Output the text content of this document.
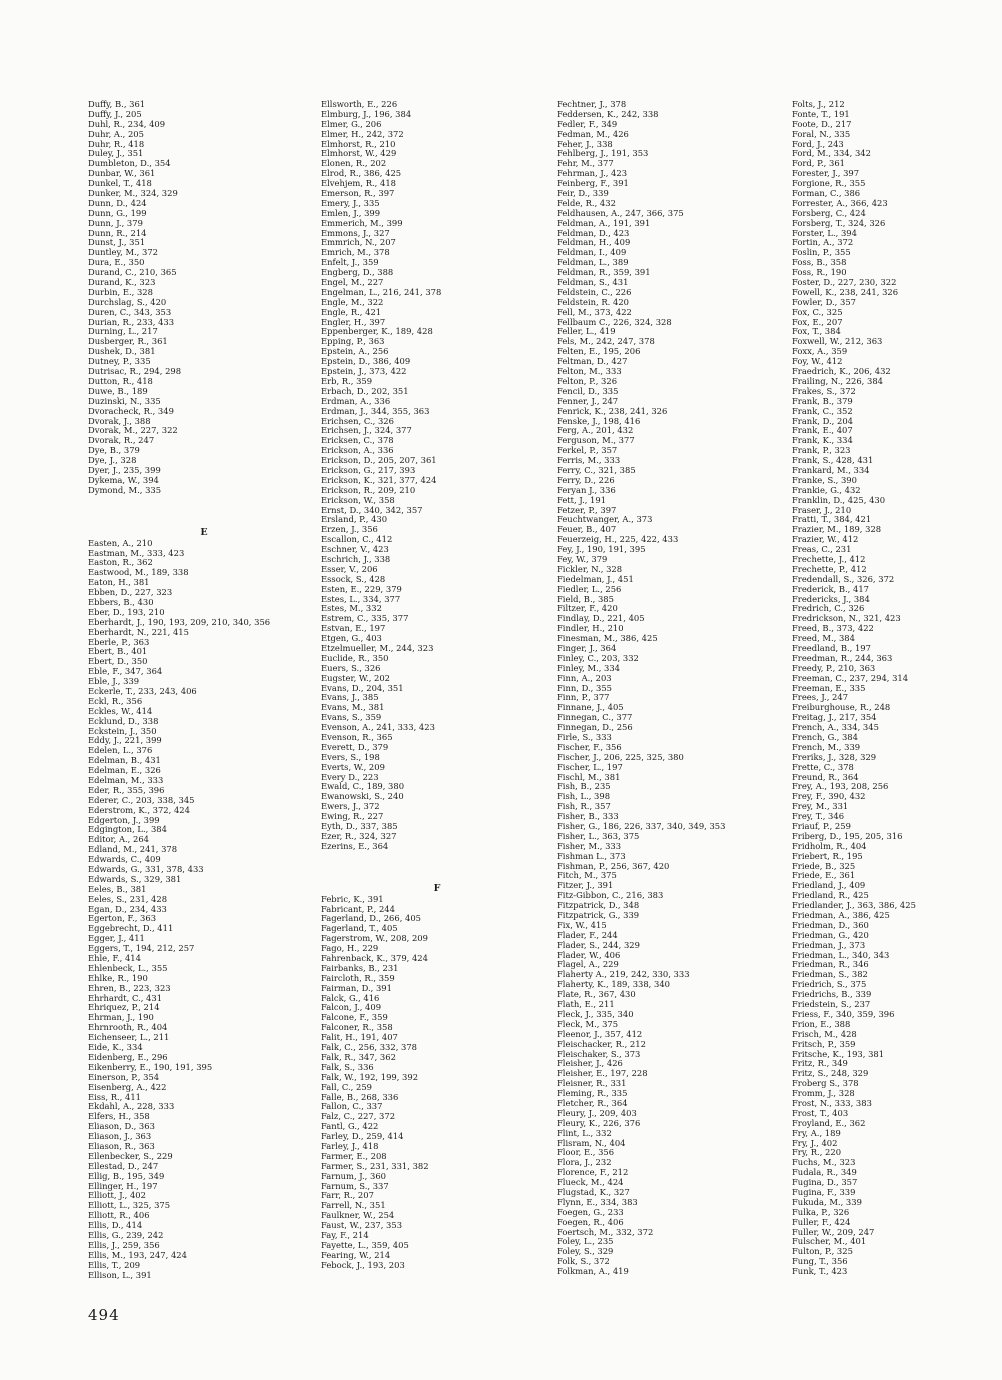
Duffy, B., 361
Duffy, J., 205
Duhl, R., 234, 409
Duhr, A., 205
Duhr, R., 418
Duley, J., 351
Dumbleton, D., 354
Dunbar, W., 361
Dunkel, T., 418
Dunker, M., 324, 329
Dunn, D., 424
Dunn, G., 199
Dunn, J., 379
Dunn, R., 214
Dunst, J., 351
Duntley, M., 372
Dura, E., 350
Durand, C., 210, 365
Durand, K., 323
Durbin, E., 328
Durchslag, S., 420
Duren, C., 343, 353
Durian, R., 233, 433
Durning, L., 217
Dusberger, R., 361
Dushek, D., 381
Dutney, P., 335
Dutrisac, R., 294, 298
Dutton, R., 418
Duwe, B., 189
Duzinski, N., 335
Dvoracheck, R., 349
Dvorak, J., 388
Dvorak, M., 227, 322
Dvorak, R., 247
Dye, B., 379
Dye, J., 328
Dyer, J., 235, 399
Dykema, W., 394
Dymond, M., 335
E
Easten, A., 210
Eastman, M., 333, 423
Easton, R., 362
Eastwood, M., 189, 338
Eaton, H., 381
Ebben, D., 227, 323
Ebbers, B., 430
Eber, D., 193, 210
Eberhardt, J., 190, 193, 209, 210, 340, 356
Eberhardt, N., 221, 415
Eberle, P., 363
Ebert, B., 401
Ebert, D., 350
Eble, F., 347, 364
Eble, J., 339
Eckerle, T., 233, 243, 406
Eckl, R., 356
Eckles, W., 414
Ecklund, D., 338
Eckstein, J., 350
Eddy, J., 221, 399
Edelen, L., 376
Edelman, B., 431
Edelman, E., 326
Edelman, M., 333
Eder, R., 355, 396
Ederer, C., 203, 338, 345
Ederstrom, K., 372, 424
Edgerton, J., 399
Edgington, L., 384
Editor, A., 264
Edland, M., 241, 378
Edwards, C., 409
Edwards, G., 331, 378, 433
Edwards, S., 329, 381
Eeles, B., 381
Eeles, S., 231, 428
Egan, D., 234, 433
Egerton, F., 363
Eggebrecht, D., 411
Egger, J., 411
Eggers, T., 194, 212, 257
Ehle, F., 414
Ehlenbeck, L., 355
Ehlke, R., 190
Ehren, B., 223, 323
Ehrhardt, C., 431
Ehriquez, P., 214
Ehrman, J., 190
Ehrnrooth, R., 404
Eichenseer, L., 211
Eide, K., 334
Eidenberg, E., 296
Eikenberry, E., 190, 191, 395
Einerson, P., 354
Eisenberg, A., 422
Eiss, R., 411
Ekdahl, A., 228, 333
Elfers, H., 358
Eliason, D., 363
Eliason, J., 363
Eliason, R., 363
Ellenbecker, S., 229
Ellestad, D., 247
Ellig, B., 195, 349
Ellinger, H., 197
Elliott, J., 402
Elliott, L., 325, 375
Elliott, R., 406
Ellis, D., 414
Ellis, G., 239, 242
Ellis, J., 259, 356
Ellis, M., 193, 247, 424
Ellis, T., 209
Ellison, L., 391
Ellsworth, E., 226
Elmburg, J., 196, 384
Elmer, G., 206
Elmer, H., 242, 372
Elmhorst, R., 210
Elmhorst, W., 429
Elonen, R., 202
Elrod, R., 386, 425
Elvehjem, R., 418
Emerson, R., 397
Emery, J., 335
Emlen, J., 399
Emmerich, M., 399
Emmons, J., 327
Emmrich, N., 207
Emrich, M., 378
Enfelt, J., 359
Engberg, D., 388
Engel, M., 227
Engelman, L., 216, 241, 378
Engle, M., 322
Engle, R., 421
Engler, H., 397
Eppenberger, K., 189, 428
Epping, P., 363
Epstein, A., 256
Epstein, D., 386, 409
Epstein, J., 373, 422
Erb, R., 359
Erbach, D., 202, 351
Erdman, A., 336
Erdman, J., 344, 355, 363
Erichsen, C., 326
Erichsen, J., 324, 377
Ericksen, C., 378
Erickson, A., 336
Erickson, D., 205, 207, 361
Erickson, G., 217, 393
Erickson, K., 321, 377, 424
Erickson, R., 209, 210
Erickson, W., 358
Ernst, D., 340, 342, 357
Ersland, P., 430
Erzen, J., 356
Escallon, C., 412
Eschner, V., 423
Eschrich, J., 338
Esser, V., 206
Essock, S., 428
Esten, E., 229, 379
Estes, L., 334, 377
Estes, M., 332
Estrem, C., 335, 377
Estvan, E., 197
Etgen, G., 403
Etzelmueller, M., 244, 323
Euclide, R., 350
Euers, S., 326
Eugster, W., 202
Evans, D., 204, 351
Evans, J., 385
Evans, M., 381
Evans, S., 359
Evenson, A., 241, 333, 423
Evenson, R., 365
Everett, D., 379
Evers, S., 198
Everts, W., 209
Every D., 223
Ewald, C., 189, 380
Ewanowski, S., 240
Ewers, J., 372
Ewing, R., 227
Eyth, D., 337, 385
Ezer, R., 324, 327
Ezerins, E., 364
F
Febric, K., 391
Fabricant, P., 244
Fagerland, D., 266, 405
Fagerland, T., 405
Fagerstrom, W., 208, 209
Fago, H., 229
Fahrenback, K., 379, 424
Fairbanks, B., 231
Faircloth, R., 359
Fairman, D., 391
Falck, G., 416
Falcon, J., 409
Falcone, F., 359
Falconer, R., 358
Falit, H., 191, 407
Falk, C., 256, 332, 378
Falk, R., 347, 362
Falk, S., 336
Falk, W., 192, 199, 392
Fall, C., 259
Falle, B., 268, 336
Fallon, C., 337
Falz, C., 227, 372
Fantl, G., 422
Farley, D., 259, 414
Farley, J., 418
Farmer, E., 208
Farmer, S., 231, 331, 382
Farnum, J., 360
Farnum, S., 337
Farr, R., 207
Farrell, N., 351
Faulkner, W., 254
Faust, W., 237, 353
Fay, F., 214
Fayette, L., 359, 405
Fearing, W., 214
Febock, J., 193, 203
Fechtner, J., 378
Feddersen, K., 242, 338
Fedler, F., 349
Fedman, M., 426
Feher, J., 338
Fehlberg, J., 191, 353
Fehr, M., 377
Fehrman, J., 423
Feinberg, F., 391
Feir, D., 339
Felde, R., 432
Feldhausen, A., 247, 366, 375
Feldman, A., 191, 391
Feldman, D., 423
Feldman, H., 409
Feldman, I., 409
Feldman, L., 389
Feldman, R., 359, 391
Feldman, S., 431
Feldstein, C., 226
Feldstein, R. 420
Fell, M., 373, 422
Fellbaum C., 226, 324, 328
Feller, L., 419
Fels, M., 242, 247, 378
Felten, E., 195, 206
Feltman, D., 427
Felton, M., 333
Felton, P., 326
Fencil, D., 335
Fenner, J., 247
Fenrick, K., 238, 241, 326
Fenske, J., 198, 416
Ferg, A., 201, 432
Ferguson, M., 377
Ferkel, P., 357
Ferris, M., 333
Ferry, C., 321, 385
Ferry, D., 226
Feryan J., 336
Fett, J., 191
Fetzer, P., 397
Feuchtwanger, A., 373
Feuer, B., 407
Feuerzeig, H., 225, 422, 433
Fey, J., 190, 191, 395
Fey, W., 379
Fickler, N., 328
Fiedelman, J., 451
Fiedler, L., 256
Field, B., 385
Filtzer, F., 420
Findlay, D., 221, 405
Findler, H., 210
Finesman, M., 386, 425
Finger, J., 364
Finley, C., 203, 332
Finley, M., 334
Finn, A., 203
Finn, D., 355
Finn, P., 377
Finnane, J., 405
Finnegan, C., 377
Finnegan, D., 256
Firle, S., 333
Fischer, F., 356
Fischer, J., 206, 225, 325, 380
Fischer, L., 197
Fischl, M., 381
Fish, B., 235
Fish, L., 398
Fish, R., 357
Fisher, B., 333
Fisher, G., 186, 226, 337, 340, 349, 353
Fisher, L., 363, 375
Fisher, M., 333
Fishman L., 373
Fishman, P., 256, 367, 420
Fitch, M., 375
Fitzer, J., 391
Fitz-Gibbon, C., 216, 383
Fitzpatrick, D., 348
Fitzpatrick, G., 339
Fix, W., 415
Flader, F., 244
Flader, S., 244, 329
Flader, W., 406
Flagel, A., 229
Flaherty A., 219, 242, 330, 333
Flaherty, K., 189, 338, 340
Flate, R., 367, 430
Flath, E., 211
Fleck, J., 335, 340
Fleck, M., 375
Fleenor, J., 357, 412
Fleischacker, R., 212
Fleischaker, S., 373
Fleisher, J., 426
Fleisher, E., 197, 228
Fleisner, R., 331
Fleming, R., 335
Fletcher, R., 364
Fleury, J., 209, 403
Fleury, K., 226, 376
Flint, L., 332
Flisram, N., 404
Floor, E., 356
Flora, J., 232
Florence, F., 212
Flueck, M., 424
Flugstad, K., 327
Flynn, E., 334, 383
Foegen, G., 233
Foegen, R., 406
Foertsch, M., 332, 372
Foley, L., 235
Foley, S., 329
Folk, S., 372
Folkman, A., 419
Folts, J., 212
Fonte, T., 191
Foote, D., 217
Foral, N., 335
Ford, J., 243
Ford, M., 334, 342
Ford, P., 361
Forester, J., 397
Forgione, R., 355
Forman, C., 386
Forrester, A., 366, 423
Forsberg, C., 424
Forsberg, T., 324, 326
Forster, L., 394
Fortin, A., 372
Foslin, P., 355
Foss, B., 358
Foss, R., 190
Foster, D., 227, 230, 322
Fowell, K., 238, 241, 326
Fowler, D., 357
Fox, C., 325
Fox, E., 207
Fox, T., 384
Foxwell, W., 212, 363
Foxx, A., 359
Foy, W., 412
Fraedrich, K., 206, 432
Frailing, N., 226, 384
Frakes, S., 372
Frank, B., 379
Frank, C., 352
Frank, D., 204
Frank, E., 407
Frank, K., 334
Frank, P., 323
Frank, S., 428, 431
Frankard, M., 334
Franke, S., 390
Frankie, G., 432
Franklin, D., 425, 430
Fraser, J., 210
Fratti, T., 384, 421
Frazier, M., 189, 328
Frazier, W., 412
Freas, C., 231
Frechette, J., 412
Frechette, P., 412
Fredendall, S., 326, 372
Frederick, B., 417
Fredericks, J., 384
Fredrich, C., 326
Fredrickson, N., 321, 423
Freed, B., 373, 422
Freed, M., 384
Freedland, B., 197
Freedman, R., 244, 363
Freedy, P., 210, 363
Freeman, C., 237, 294, 314
Freeman, E., 335
Frees, J., 247
Freiburghouse, R., 248
Freitag, J., 217, 354
French, A., 334, 345
French, G., 384
French, M., 339
Freriks, J., 328, 329
Frette, C., 378
Freund, R., 364
Frey, A., 193, 208, 256
Frey, F., 390, 432
Frey, M., 331
Frey, T., 346
Friauf, P., 259
Friberg, D., 195, 205, 316
Fridholm, R., 404
Friebert, R., 195
Friede, B., 325
Friede, E., 361
Friedland, J., 409
Friedland, R., 425
Friedlander, J., 363, 386, 425
Friedman, A., 386, 425
Friedman, D., 360
Friedman, G., 420
Friedman, J., 373
Friedman, L., 340, 343
Friedman, R., 346
Friedman, S., 382
Friedrich, S., 375
Friedrichs, B., 339
Friedstein, S., 237
Friess, F., 340, 359, 396
Frion, E., 388
Frisch, M., 428
Fritsch, P., 359
Fritsche, K., 193, 381
Fritz, R., 349
Fritz, S., 248, 329
Froberg S., 378
Fromm, J., 328
Frost, N., 333, 383
Frost, T., 403
Froyland, E., 362
Fry, A., 189
Fry, J., 402
Fry, R., 220
Fuchs, M., 323
Fudala, R., 349
Fugina, D., 357
Fugina, F., 339
Fukuda, M., 339
Fulka, P., 326
Fuller, F., 424
Fuller, W., 209, 247
Fulscher, M., 401
Fulton, P., 325
Fung, T., 356
Funk, T., 423
494
